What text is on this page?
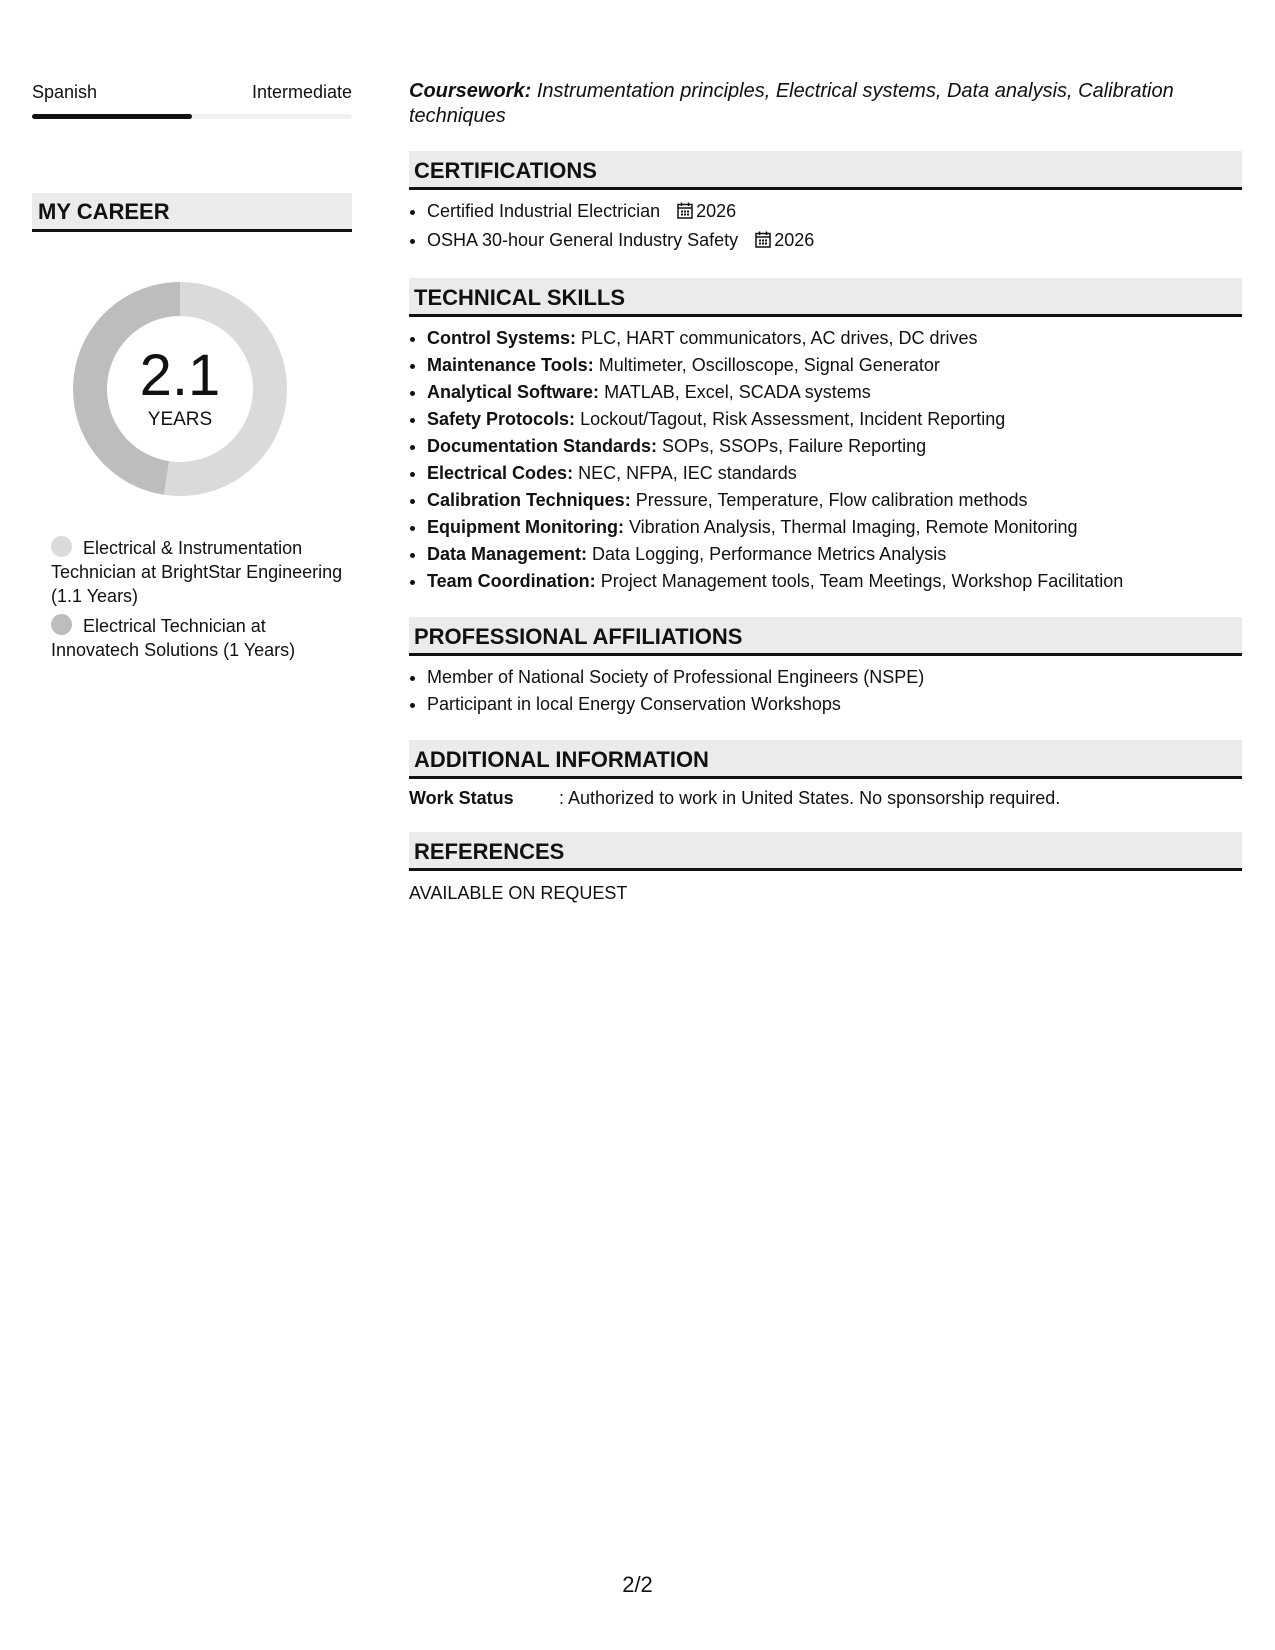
Spanish	Intermediate
MY CAREER
2.1
YEARS
Electrical & Instrumentation Technician at BrightStar Engineering (1.1 Years)
Electrical Technician at Innovatech Solutions (1 Years)
Coursework: Instrumentation principles, Electrical systems, Data analysis, Calibration techniques
CERTIFICATIONS
• Certified Industrial Electrician 2026
• OSHA 30-hour General Industry Safety 2026
TECHNICAL SKILLS
• Control Systems: PLC, HART communicators, AC drives, DC drives
• Maintenance Tools: Multimeter, Oscilloscope, Signal Generator
• Analytical Software: MATLAB, Excel, SCADA systems
• Safety Protocols: Lockout/Tagout, Risk Assessment, Incident Reporting
• Documentation Standards: SOPs, SSOPs, Failure Reporting
• Electrical Codes: NEC, NFPA, IEC standards
• Calibration Techniques: Pressure, Temperature, Flow calibration methods
• Equipment Monitoring: Vibration Analysis, Thermal Imaging, Remote Monitoring
• Data Management: Data Logging, Performance Metrics Analysis
• Team Coordination: Project Management tools, Team Meetings, Workshop Facilitation
PROFESSIONAL AFFILIATIONS
• Member of National Society of Professional Engineers (NSPE)
• Participant in local Energy Conservation Workshops
ADDITIONAL INFORMATION
Work Status	: Authorized to work in United States. No sponsorship required.
REFERENCES
AVAILABLE ON REQUEST
2/2
